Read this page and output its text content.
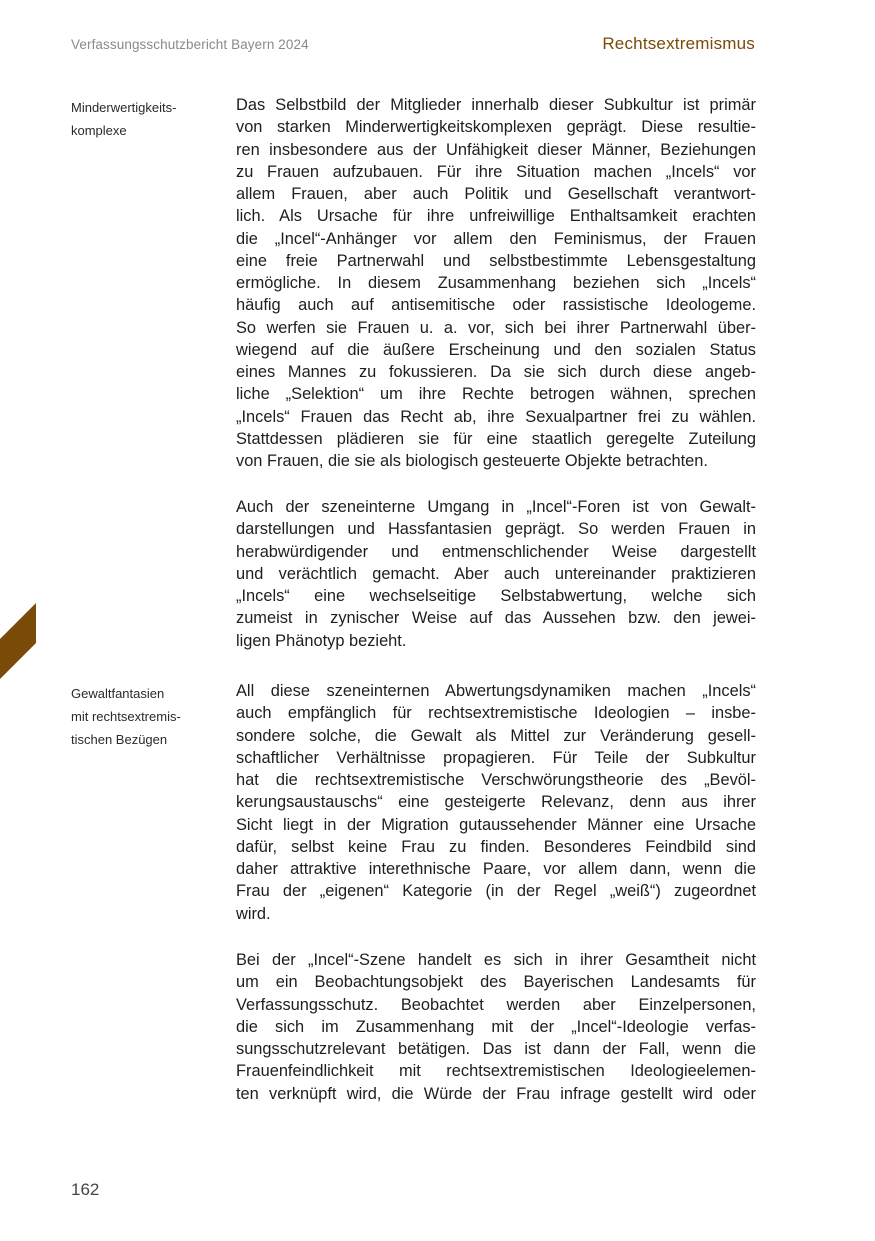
Verfassungsschutzbericht Bayern 2024	Rechtsextremismus
Minderwertigkeits-
komplexe
Gewaltfantasien
mit rechtsextremis-
tischen Bezügen
Das Selbstbild der Mitglieder innerhalb dieser Subkultur ist primär
von starken Minderwertigkeitskomplexen geprägt. Diese resultie-
ren insbesondere aus der Unfähigkeit dieser Männer, Beziehungen
zu Frauen aufzubauen. Für ihre Situation machen „Incels“ vor
allem Frauen, aber auch Politik und Gesellschaft verantwort-
lich. Als Ursache für ihre unfreiwillige Enthaltsamkeit erachten
die „Incel“-Anhänger vor allem den Feminismus, der Frauen
eine freie Partnerwahl und selbstbestimmte Lebensgestaltung
ermögliche. In diesem Zusammenhang beziehen sich „Incels“
häufig auch auf antisemitische oder rassistische Ideologeme.
So werfen sie Frauen u. a. vor, sich bei ihrer Partnerwahl über-
wiegend auf die äußere Erscheinung und den sozialen Status
eines Mannes zu fokussieren. Da sie sich durch diese angeb-
liche „Selektion“ um ihre Rechte betrogen wähnen, sprechen
„Incels“ Frauen das Recht ab, ihre Sexualpartner frei zu wählen.
Stattdessen plädieren sie für eine staatlich geregelte Zuteilung
von Frauen, die sie als biologisch gesteuerte Objekte betrachten.
Auch der szeneinterne Umgang in „Incel“-Foren ist von Gewalt-
darstellungen und Hassfantasien geprägt. So werden Frauen in
herabwürdigender und entmenschlichender Weise dargestellt
und verächtlich gemacht. Aber auch untereinander praktizieren
„Incels“ eine wechselseitige Selbstabwertung, welche sich
zumeist in zynischer Weise auf das Aussehen bzw. den jewei-
ligen Phänotyp bezieht.
All diese szeneinternen Abwertungsdynamiken machen „Incels“
auch empfänglich für rechtsextremistische Ideologien – insbe-
sondere solche, die Gewalt als Mittel zur Veränderung gesell-
schaftlicher Verhältnisse propagieren. Für Teile der Subkultur
hat die rechtsextremistische Verschwörungstheorie des „Bevöl-
kerungsaustauschs“ eine gesteigerte Relevanz, denn aus ihrer
Sicht liegt in der Migration gutaussehender Männer eine Ursache
dafür, selbst keine Frau zu finden. Besonderes Feindbild sind
daher attraktive interethnische Paare, vor allem dann, wenn die
Frau der „eigenen“ Kategorie (in der Regel „weiß“) zugeordnet
wird.
Bei der „Incel“-Szene handelt es sich in ihrer Gesamtheit nicht
um ein Beobachtungsobjekt des Bayerischen Landesamts für
Verfassungsschutz. Beobachtet werden aber Einzelpersonen,
die sich im Zusammenhang mit der „Incel“-Ideologie verfas-
sungsschutzrelevant betätigen. Das ist dann der Fall, wenn die
Frauenfeindlichkeit mit rechtsextremistischen Ideologieelemen-
ten verknüpft wird, die Würde der Frau infrage gestellt wird oder
162
